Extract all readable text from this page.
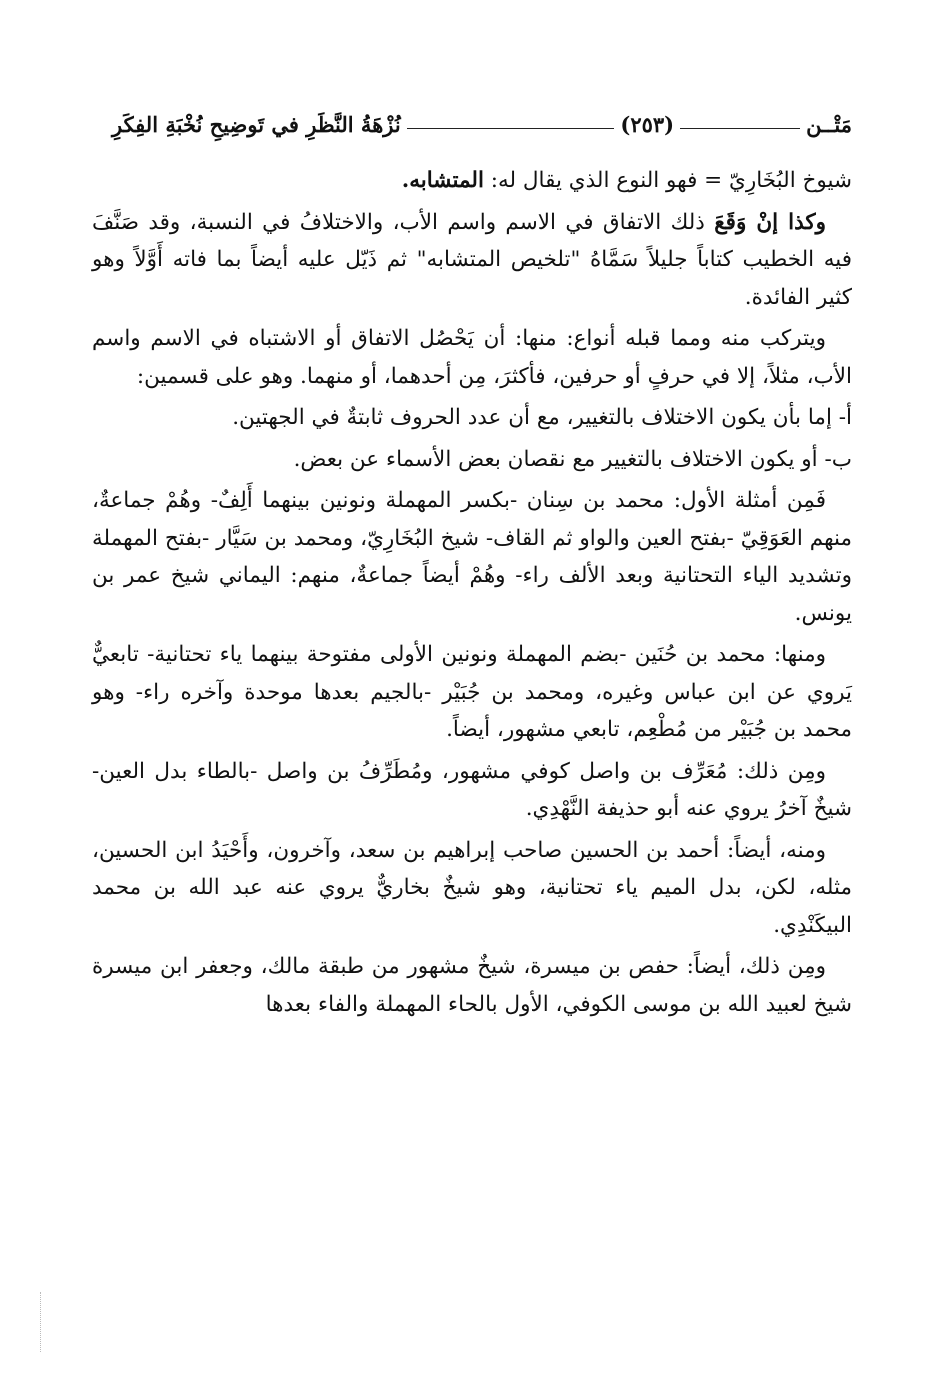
مَتْــن
(٢٥٣)
نُزْهَةُ النَّظَرِ في تَوضِيحِ نُخْبَةِ الفِكَرِ

شيوخ البُخَارِيّ = فهو النوع الذي يقال له: المتشابه.

وكذا إنْ وَقَعَ ذلك الاتفاق في الاسم واسم الأب، والاختلافُ في النسبة، وقد صَنَّفَ فيه الخطيب كتاباً جليلاً سَمَّاهُ "تلخيص المتشابه" ثم ذَيّل عليه أيضاً بما فاته أَوَّلاً وهو كثير الفائدة.

ويتركب منه ومما قبله أنواع: منها: أن يَحْصُل الاتفاق أو الاشتباه في الاسم واسم الأب، مثلاً، إلا في حرفٍ أو حرفين، فأكثرَ، مِن أحدهما، أو منهما. وهو على قسمين:

أ- إما بأن يكون الاختلاف بالتغيير، مع أن عدد الحروف ثابتةٌ في الجهتين.

ب- أو يكون الاختلاف بالتغيير مع نقصان بعض الأسماء عن بعض.

فَمِن أمثلة الأول: محمد بن سِنان -بكسر المهملة ونونين بينهما أَلِفٌ- وهُمْ جماعةٌ، منهم العَوَقِيّ -بفتح العين والواو ثم القاف- شيخ البُخَارِيّ، ومحمد بن سَيَّار -بفتح المهملة وتشديد الياء التحتانية وبعد الألف راء- وهُمْ أيضاً جماعةٌ، منهم: اليماني شيخ عمر بن يونس.

ومنها: محمد بن حُنَين -بضم المهملة ونونين الأولى مفتوحة بينهما ياء تحتانية- تابعيٌّ يَروي عن ابن عباس وغيره، ومحمد بن جُبَيْر -بالجيم بعدها موحدة وآخره راء- وهو محمد بن جُبَيْر من مُطْعِم، تابعي مشهور، أيضاً.

ومِن ذلك: مُعَرِّف بن واصل كوفي مشهور، ومُطَرِّفُ بن واصل -بالطاء بدل العين- شيخٌ آخرُ يروي عنه أبو حذيفة النَّهْدِي.

ومنه، أيضاً: أحمد بن الحسين صاحب إبراهيم بن سعد، وآخرون، وأَحْيَدُ ابن الحسين، مثله، لكن، بدل الميم ياء تحتانية، وهو شيخٌ بخاريٌّ يروي عنه عبد الله بن محمد البيكَنْدِي.

ومِن ذلك، أيضاً: حفص بن ميسرة، شيخٌ مشهور من طبقة مالك، وجعفر ابن ميسرة شيخ لعبيد الله بن موسى الكوفي، الأول بالحاء المهملة والفاء بعدها
